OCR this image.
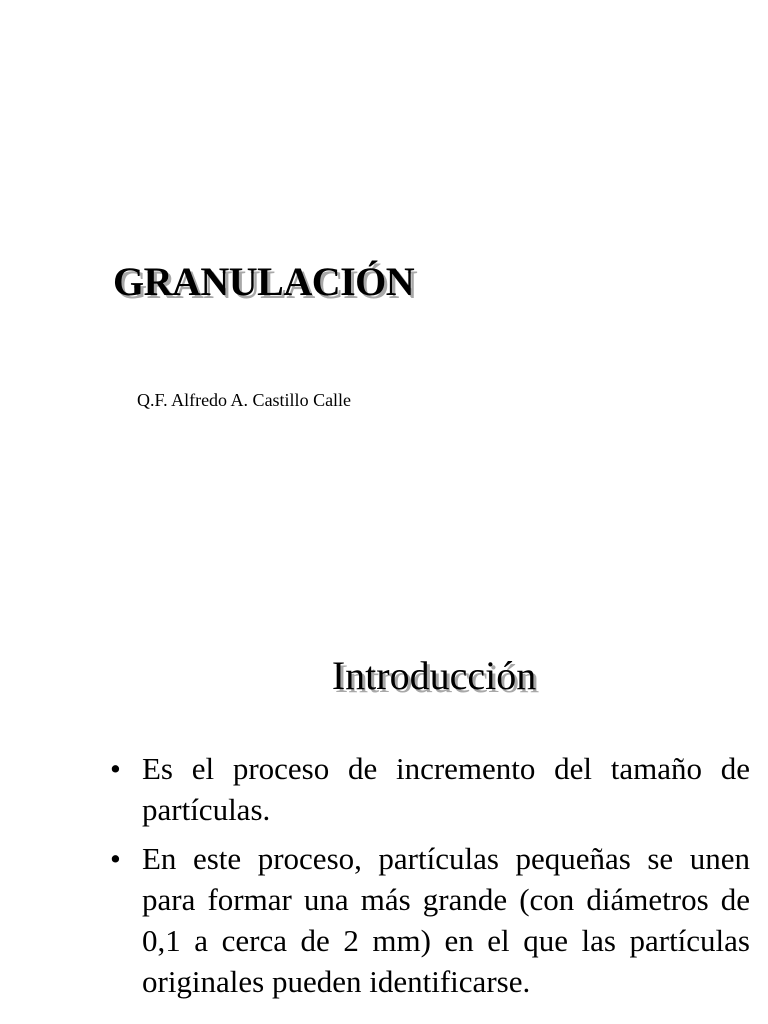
GRANULACIÓN
Q.F. Alfredo A. Castillo Calle
Introducción
• Es el proceso de incremento del tamaño de partículas.
• En este proceso, partículas pequeñas se unen para formar una más grande (con diámetros de 0,1 a cerca de 2 mm) en el que las partículas originales pueden identificarse.
